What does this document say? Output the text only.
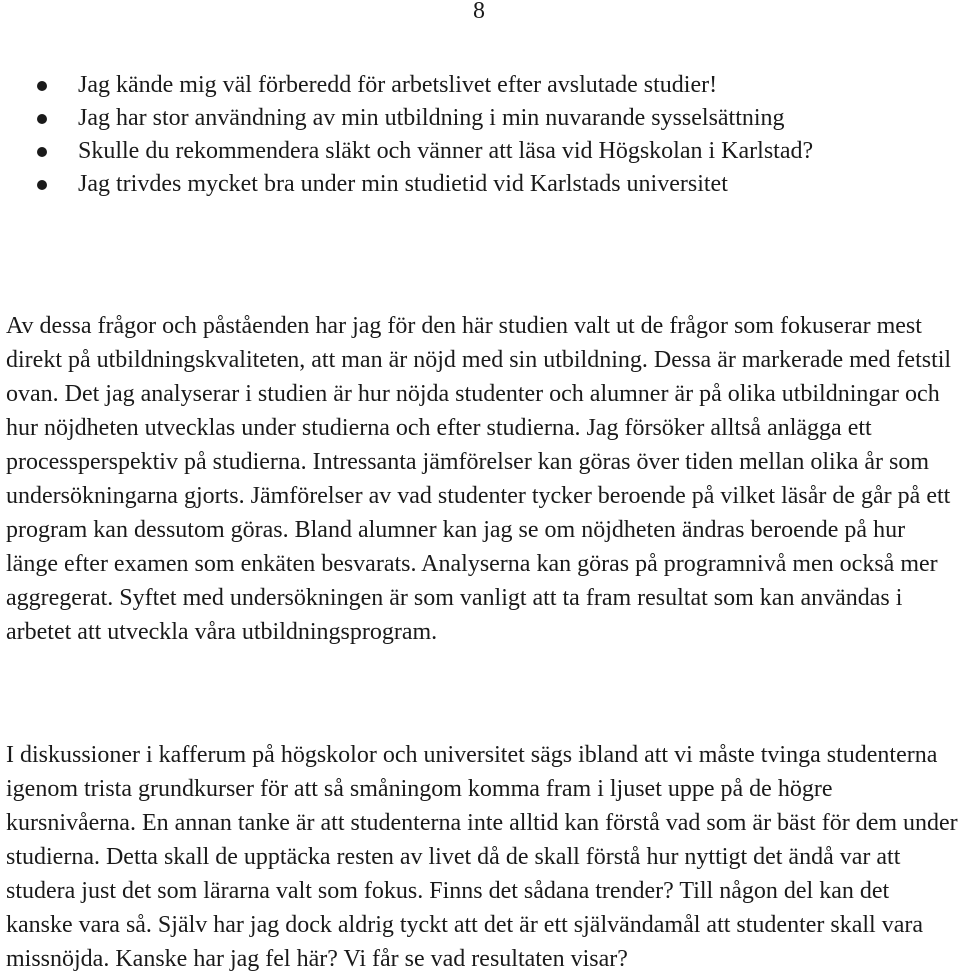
8
Jag kände mig väl förberedd för arbetslivet efter avslutade studier!
Jag har stor användning av min utbildning i min nuvarande sysselsättning
Skulle du rekommendera släkt och vänner att läsa vid Högskolan i Karlstad?
Jag trivdes mycket bra under min studietid vid Karlstads universitet

Av dessa frågor och påståenden har jag för den här studien valt ut de frågor som fokuserar mest direkt på utbildningskvaliteten, att man är nöjd med sin utbildning. Dessa är markerade med fetstil ovan. Det jag analyserar i studien är hur nöjda studenter och alumner är på olika utbildningar och hur nöjdheten utvecklas under studierna och efter studierna. Jag försöker alltså anlägga ett processperspektiv på studierna. Intressanta jämförelser kan göras över tiden mellan olika år som undersökningarna gjorts. Jämförelser av vad studenter tycker beroende på vilket läsår de går på ett program kan dessutom göras. Bland alumner kan jag se om nöjdheten ändras beroende på hur länge efter examen som enkäten besvarats. Analyserna kan göras på programnivå men också mer aggregerat. Syftet med undersökningen är som vanligt att ta fram resultat som kan användas i arbetet att utveckla våra utbildningsprogram.

I diskussioner i kafferum på högskolor och universitet sägs ibland att vi måste tvinga studenterna igenom trista grundkurser för att så småningom komma fram i ljuset uppe på de högre kursnivåerna. En annan tanke är att studenterna inte alltid kan förstå vad som är bäst för dem under studierna. Detta skall de upptäcka resten av livet då de skall förstå hur nyttigt det ändå var att studera just det som lärarna valt som fokus. Finns det sådana trender? Till någon del kan det kanske vara så. Själv har jag dock aldrig tyckt att det är ett självändamål att studenter skall vara missnöjda. Kanske har jag fel här? Vi får se vad resultaten visar?
